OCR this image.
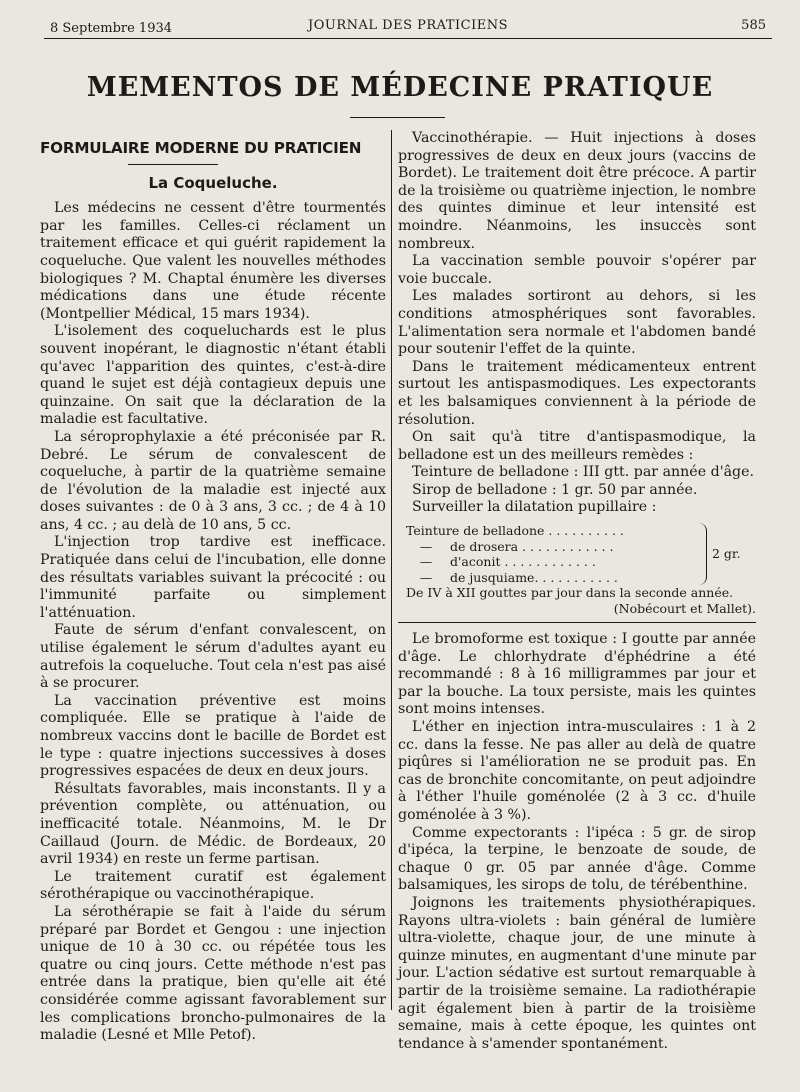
8 Septembre 1934	JOURNAL DES PRATICIENS	585
MEMENTOS DE MÉDECINE PRATIQUE
FORMULAIRE MODERNE DU PRATICIEN
La Coqueluche.

Les médecins ne cessent d'être tourmentés par les familles. Celles-ci réclament un traitement efficace et qui guérit rapidement la coqueluche. Que valent les nouvelles méthodes biologiques ? M. Chaptal énumère les diverses médications dans une étude récente (Montpellier Médical, 15 mars 1934).

L'isolement des coqueluchards est le plus souvent inopérant, le diagnostic n'étant établi qu'avec l'apparition des quintes, c'est-à-dire quand le sujet est déjà contagieux depuis une quinzaine. On sait que la déclaration de la maladie est facultative.

La séroprophylaxie a été préconisée par R. Debré. Le sérum de convalescent de coqueluche, à partir de la quatrième semaine de l'évolution de la maladie est injecté aux doses suivantes : de 0 à 3 ans, 3 cc. ; de 4 à 10 ans, 4 cc. ; au delà de 10 ans, 5 cc.

L'injection trop tardive est inefficace. Pratiquée dans celui de l'incubation, elle donne des résultats variables suivant la précocité : ou l'immunité parfaite ou simplement l'atténuation.

Faute de sérum d'enfant convalescent, on utilise également le sérum d'adultes ayant eu autrefois la coqueluche. Tout cela n'est pas aisé à se procurer.

La vaccination préventive est moins compliquée. Elle se pratique à l'aide de nombreux vaccins dont le bacille de Bordet est le type : quatre injections successives à doses progressives espacées de deux en deux jours.

Résultats favorables, mais inconstants. Il y a prévention complète, ou atténuation, ou inefficacité totale. Néanmoins, M. le Dr Caillaud (Journ. de Médic. de Bordeaux, 20 avril 1934) en reste un ferme partisan.

Le traitement curatif est également sérothérapique ou vaccinothérapique.

La sérothérapie se fait à l'aide du sérum préparé par Bordet et Gengou : une injection unique de 10 à 30 cc. ou répétée tous les quatre ou cinq jours. Cette méthode n'est pas entrée dans la pratique, bien qu'elle ait été considérée comme agissant favorablement sur les complications broncho-pulmonaires de la maladie (Lesné et Mlle Petof).

Vaccinothérapie. — Huit injections à doses progressives de deux en deux jours (vaccins de Bordet). Le traitement doit être précoce. A partir de la troisième ou quatrième injection, le nombre des quintes diminue et leur intensité est moindre. Néanmoins, les insuccès sont nombreux.

La vaccination semble pouvoir s'opérer par voie buccale.

Les malades sortiront au dehors, si les conditions atmosphériques sont favorables. L'alimentation sera normale et l'abdomen bandé pour soutenir l'effet de la quinte.

Dans le traitement médicamenteux entrent surtout les antispasmodiques. Les expectorants et les balsamiques conviennent à la période de résolution.

On sait qu'à titre d'antispasmodique, la belladone est un des meilleurs remèdes :

Teinture de belladone : III gtt. par année d'âge.

Sirop de belladone : 1 gr. 50 par année.

Surveiller la dilatation pupillaire :

Teinture de belladone . . . . . . . . . .
— de drosera . . . . . . . . . . . .
— d'aconit . . . . . . . . . . . .
— de jusquiame. . . . . . . . . . .
2 gr.
De IV à XII gouttes par jour dans la seconde année.
(Nobécourt et Mallet).

Le bromoforme est toxique : I goutte par année d'âge. Le chlorhydrate d'éphédrine a été recommandé : 8 à 16 milligrammes par jour et par la bouche. La toux persiste, mais les quintes sont moins intenses.

L'éther en injection intra-musculaires : 1 à 2 cc. dans la fesse. Ne pas aller au delà de quatre piqûres si l'amélioration ne se produit pas. En cas de bronchite concomitante, on peut adjoindre à l'éther l'huile goménolée (2 à 3 cc. d'huile goménolée à 3 %).

Comme expectorants : l'ipéca : 5 gr. de sirop d'ipéca, la terpine, le benzoate de soude, de chaque 0 gr. 05 par année d'âge. Comme balsamiques, les sirops de tolu, de térébenthine.

Joignons les traitements physiothérapiques. Rayons ultra-violets : bain général de lumière ultra-violette, chaque jour, de une minute à quinze minutes, en augmentant d'une minute par jour. L'action sédative est surtout remarquable à partir de la troisième semaine. La radiothérapie agit également bien à partir de la troisième semaine, mais à cette époque, les quintes ont tendance à s'amender spontanément.
